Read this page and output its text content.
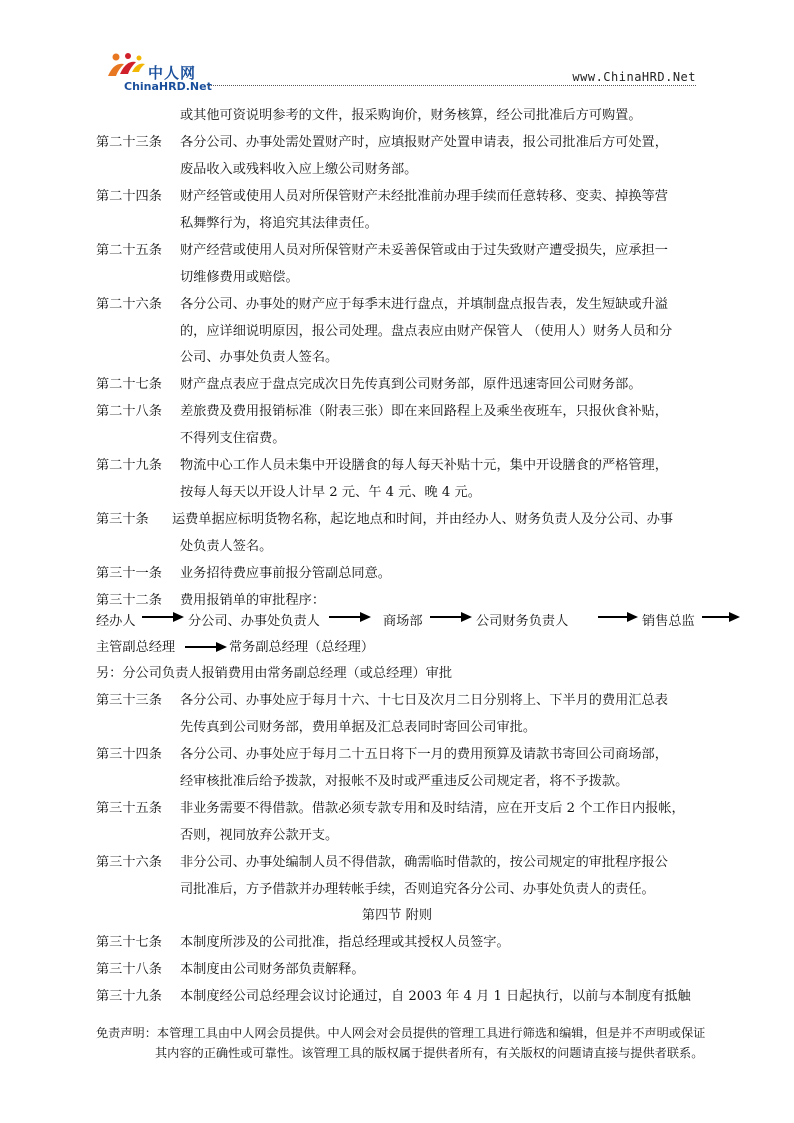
中人网
ChinaHRD.Net
www.ChinaHRD.Net
或其他可资说明参考的文件，报采购询价，财务核算，经公司批准后方可购置。
第二十三条 各分公司、办事处需处置财产时，应填报财产处置申请表，报公司批准后方可处置，
废品收入或残料收入应上缴公司财务部。
第二十四条 财产经管或使用人员对所保管财产未经批准前办理手续而任意转移、变卖、掉换等营
私舞弊行为，将追究其法律责任。
第二十五条 财产经营或使用人员对所保管财产未妥善保管或由于过失致财产遭受损失，应承担一
切维修费用或赔偿。
第二十六条 各分公司、办事处的财产应于每季末进行盘点，并填制盘点报告表，发生短缺或升溢
的，应详细说明原因，报公司处理。盘点表应由财产保管人 （使用人）财务人员和分
公司、办事处负责人签名。
第二十七条 财产盘点表应于盘点完成次日先传真到公司财务部，原件迅速寄回公司财务部。
第二十八条 差旅费及费用报销标准（附表三张）即在来回路程上及乘坐夜班车，只报伙食补贴，
不得列支住宿费。
第二十九条 物流中心工作人员未集中开设膳食的每人每天补贴十元，集中开设膳食的严格管理，
按每人每天以开设人计早 2 元、午 4 元、晚 4 元。
第三十条 运费单据应标明货物名称，起讫地点和时间，并由经办人、财务负责人及分公司、办事
处负责人签名。
第三十一条 业务招待费应事前报分管副总同意。
第三十二条 费用报销单的审批程序：
经办人	分公司、办事处负责人	商场部	公司财务负责人	销售总监
主管副总经理	常务副总经理（总经理）
另：分公司负责人报销费用由常务副总经理（或总经理）审批
第三十三条 各分公司、办事处应于每月十六、十七日及次月二日分别将上、下半月的费用汇总表
先传真到公司财务部，费用单据及汇总表同时寄回公司审批。
第三十四条 各分公司、办事处应于每月二十五日将下一月的费用预算及请款书寄回公司商场部，
经审核批准后给予拨款，对报帐不及时或严重违反公司规定者，将不予拨款。
第三十五条 非业务需要不得借款。借款必须专款专用和及时结清，应在开支后 2 个工作日内报帐，
否则，视同放弃公款开支。
第三十六条 非分公司、办事处编制人员不得借款，确需临时借款的，按公司规定的审批程序报公
司批准后，方予借款并办理转帐手续，否则追究各分公司、办事处负责人的责任。
第四节 附则
第三十七条 本制度所涉及的公司批准，指总经理或其授权人员签字。
第三十八条 本制度由公司财务部负责解释。
第三十九条 本制度经公司总经理会议讨论通过，自 2003 年 4 月 1 日起执行，以前与本制度有抵触
免责声明：本管理工具由中人网会员提供。中人网会对会员提供的管理工具进行筛选和编辑，但是并不声明或保证
其内容的正确性或可靠性。该管理工具的版权属于提供者所有，有关版权的问题请直接与提供者联系。
